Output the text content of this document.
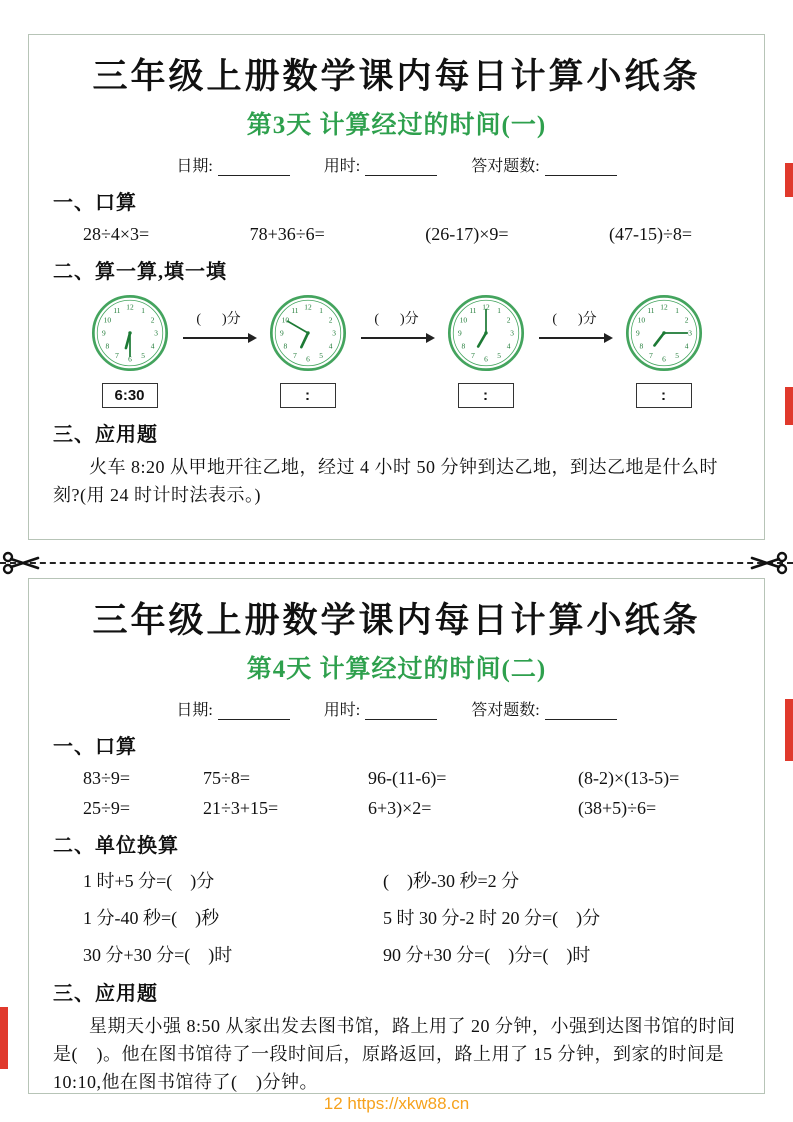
三年级上册数学课内每日计算小纸条
第3天 计算经过的时间(一)
日期:	用时:	答对题数:
一、口算
28÷4×3=	78+36÷6=	(26-17)×9=	(47-15)÷8=
二、算一算,填一填
1
2
3
4
5
6
7
8
9
10
11 12
6:30
(      )分
1
2
3
4
5
6
7
8
9
10
11 12
:
(      )分
1
2
3
4
5
6
7
8
9
10
11 12
:
(      )分
1
2
3
4
5
6
7
8
9
10
11 12
:
三、应用题

火车 8:20 从甲地开往乙地，经过 4 小时 50 分钟到达乙地，到达乙地是什么时 刻?(用 24 时计时法表示。)

三年级上册数学课内每日计算小纸条
第4天 计算经过的时间(二)
日期:	用时:	答对题数:
一、口算
83÷9=	75÷8=	96-(11-6)=	(8-2)×(13-5)=
25÷9=	21÷3+15=	6+3)×2=	(38+5)÷6=
二、单位换算
1 时+5 分=(　)分	(　)秒-30 秒=2 分
1 分-40 秒=(　)秒	5 时 30 分-2 时 20 分=(　)分
30 分+30 分=(　)时	90 分+30 分=(　)分=(　)时
三、应用题

星期天小强 8:50 从家出发去图书馆，路上用了 20 分钟，小强到达图书馆的时间是(　)。他在图书馆待了一段时间后，原路返回，路上用了 15 分钟，到家的时间是 10:10,他在图书馆待了(　)分钟。

12 https://xkw88.cn
